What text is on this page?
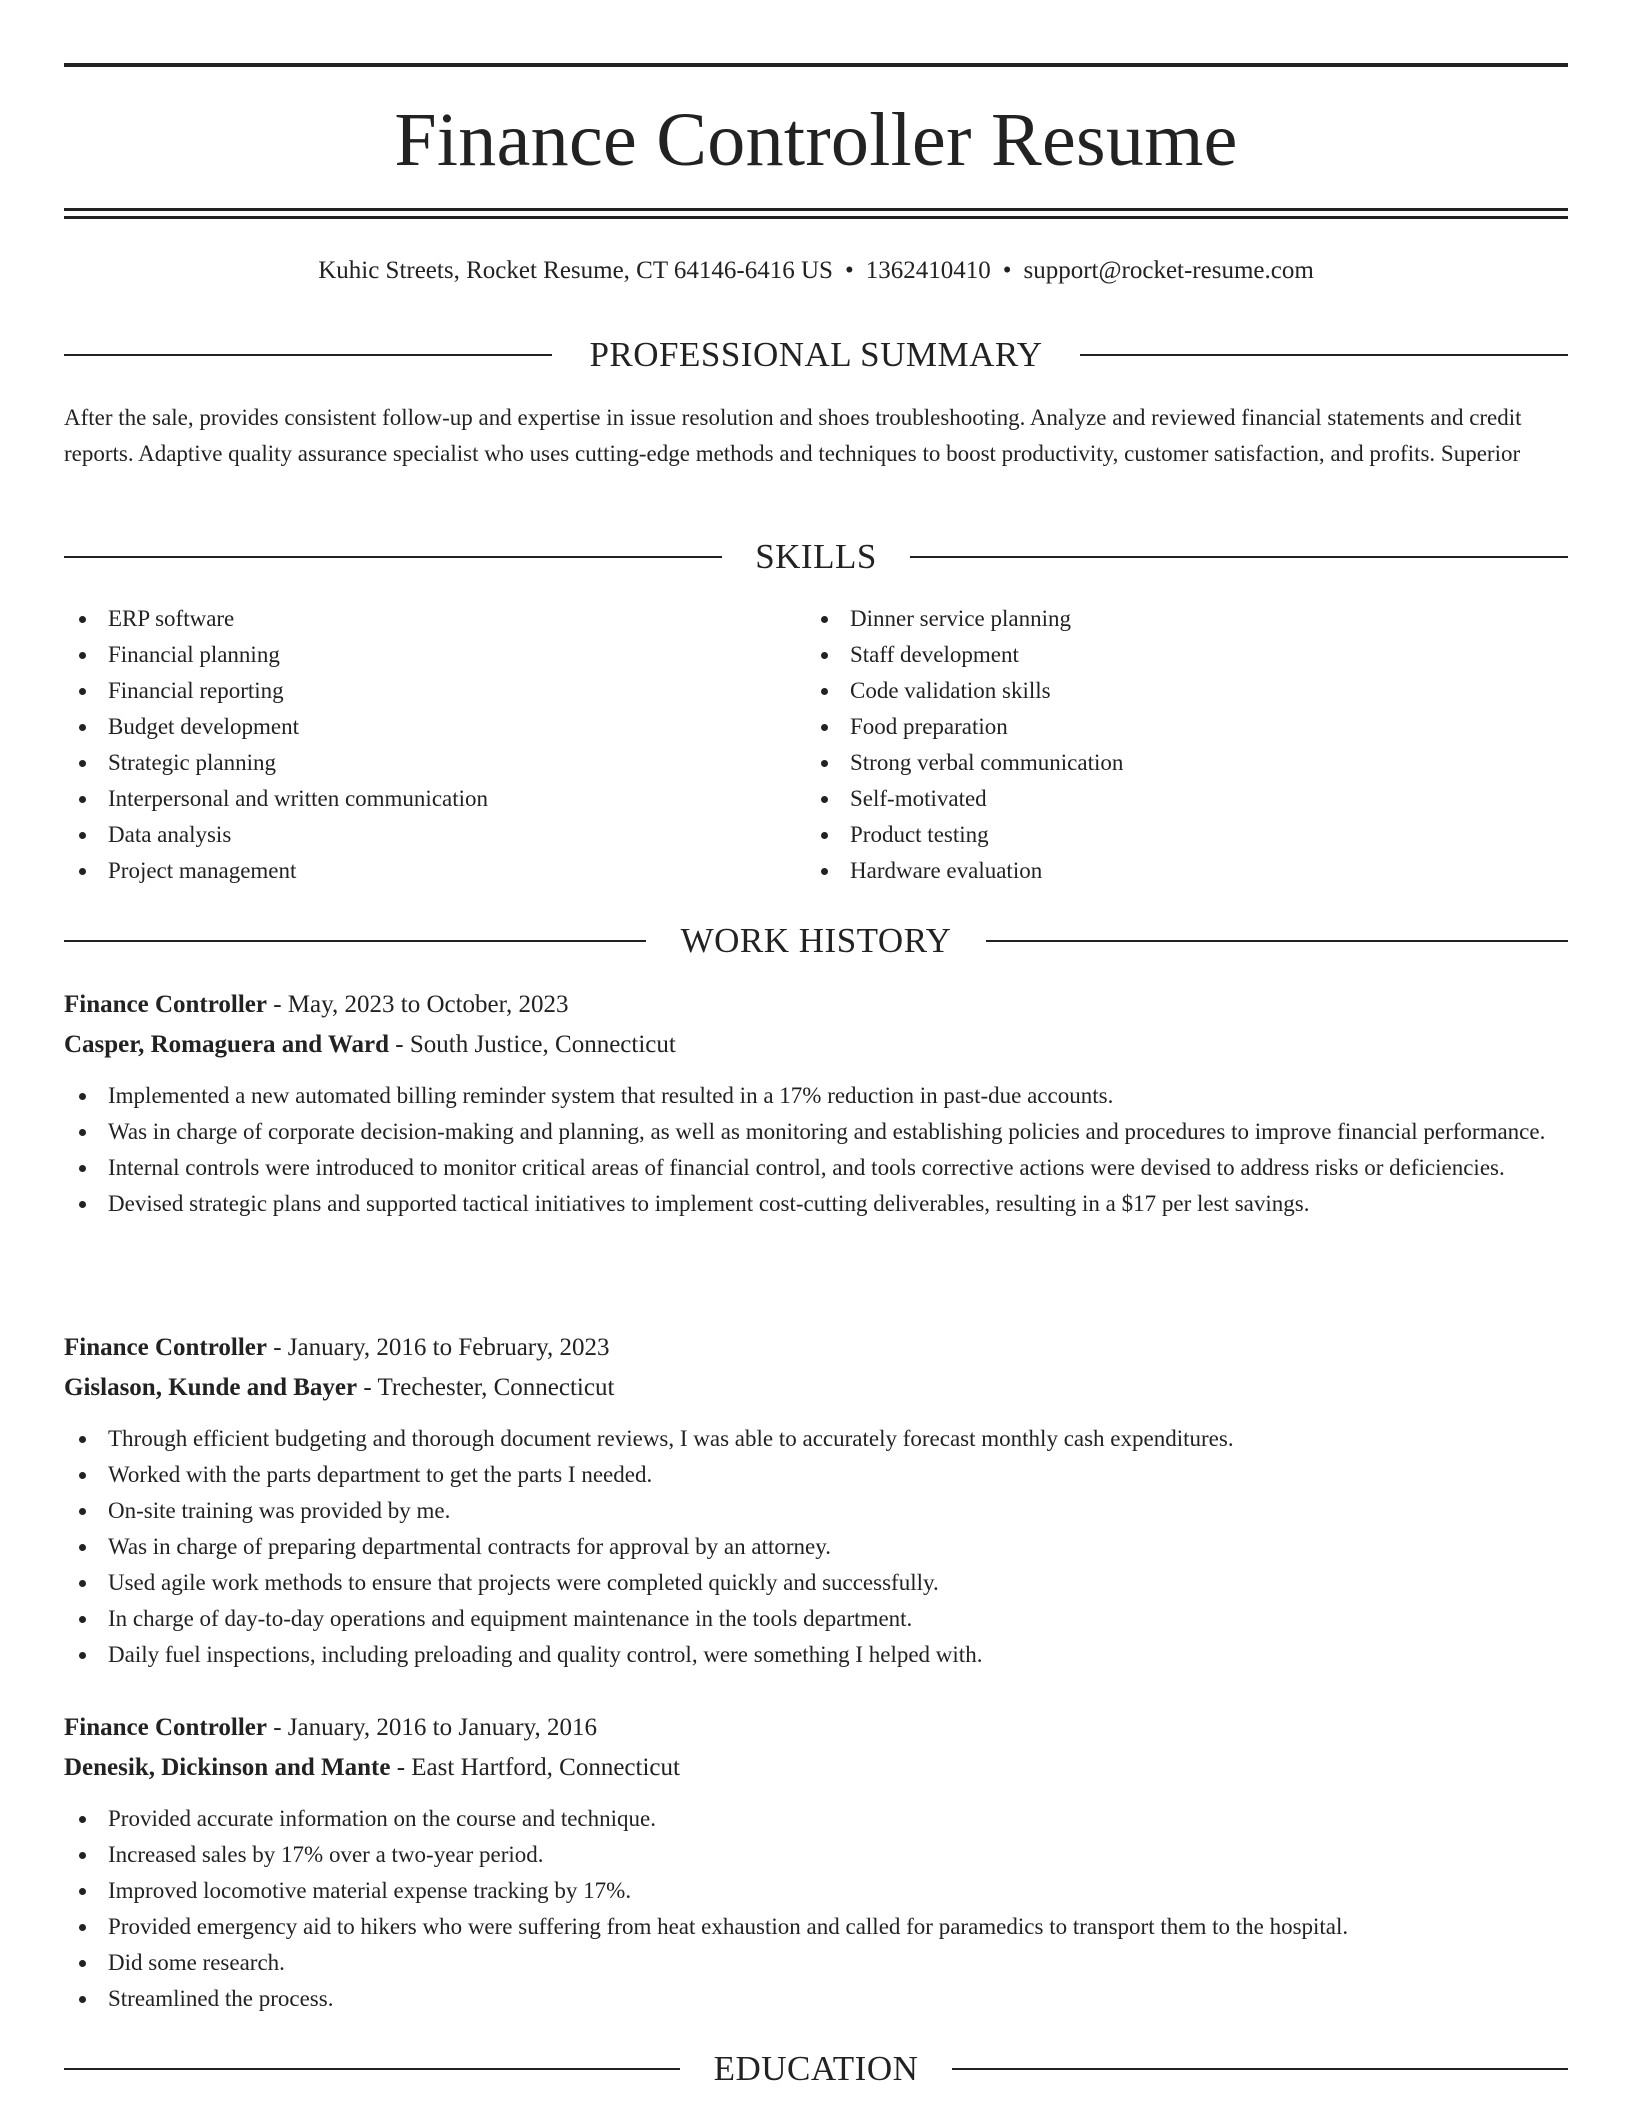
Finance Controller Resume
Kuhic Streets, Rocket Resume, CT 64146-6416 US • 1362410410 • support@rocket-resume.com
PROFESSIONAL SUMMARY

After the sale, provides consistent follow-up and expertise in issue resolution and shoes troubleshooting. Analyze and reviewed financial statements and credit reports. Adaptive quality assurance specialist who uses cutting-edge methods and techniques to boost productivity, customer satisfaction, and profits. Superior

SKILLS
ERP software
Financial planning
Financial reporting
Budget development
Strategic planning
Interpersonal and written communication
Data analysis
Project management
Dinner service planning
Staff development
Code validation skills
Food preparation
Strong verbal communication
Self-motivated
Product testing
Hardware evaluation
WORK HISTORY
Finance Controller - May, 2023 to October, 2023
Casper, Romaguera and Ward - South Justice, Connecticut
Implemented a new automated billing reminder system that resulted in a 17% reduction in past-due accounts.
Was in charge of corporate decision-making and planning, as well as monitoring and establishing policies and procedures to improve financial performance.
Internal controls were introduced to monitor critical areas of financial control, and tools corrective actions were devised to address risks or deficiencies.
Devised strategic plans and supported tactical initiatives to implement cost-cutting deliverables, resulting in a $17 per lest savings.
Finance Controller - January, 2016 to February, 2023
Gislason, Kunde and Bayer - Trechester, Connecticut
Through efficient budgeting and thorough document reviews, I was able to accurately forecast monthly cash expenditures.
Worked with the parts department to get the parts I needed.
On-site training was provided by me.
Was in charge of preparing departmental contracts for approval by an attorney.
Used agile work methods to ensure that projects were completed quickly and successfully.
In charge of day-to-day operations and equipment maintenance in the tools department.
Daily fuel inspections, including preloading and quality control, were something I helped with.
Finance Controller - January, 2016 to January, 2016
Denesik, Dickinson and Mante - East Hartford, Connecticut
Provided accurate information on the course and technique.
Increased sales by 17% over a two-year period.
Improved locomotive material expense tracking by 17%.
Provided emergency aid to hikers who were suffering from heat exhaustion and called for paramedics to transport them to the hospital.
Did some research.
Streamlined the process.
EDUCATION
